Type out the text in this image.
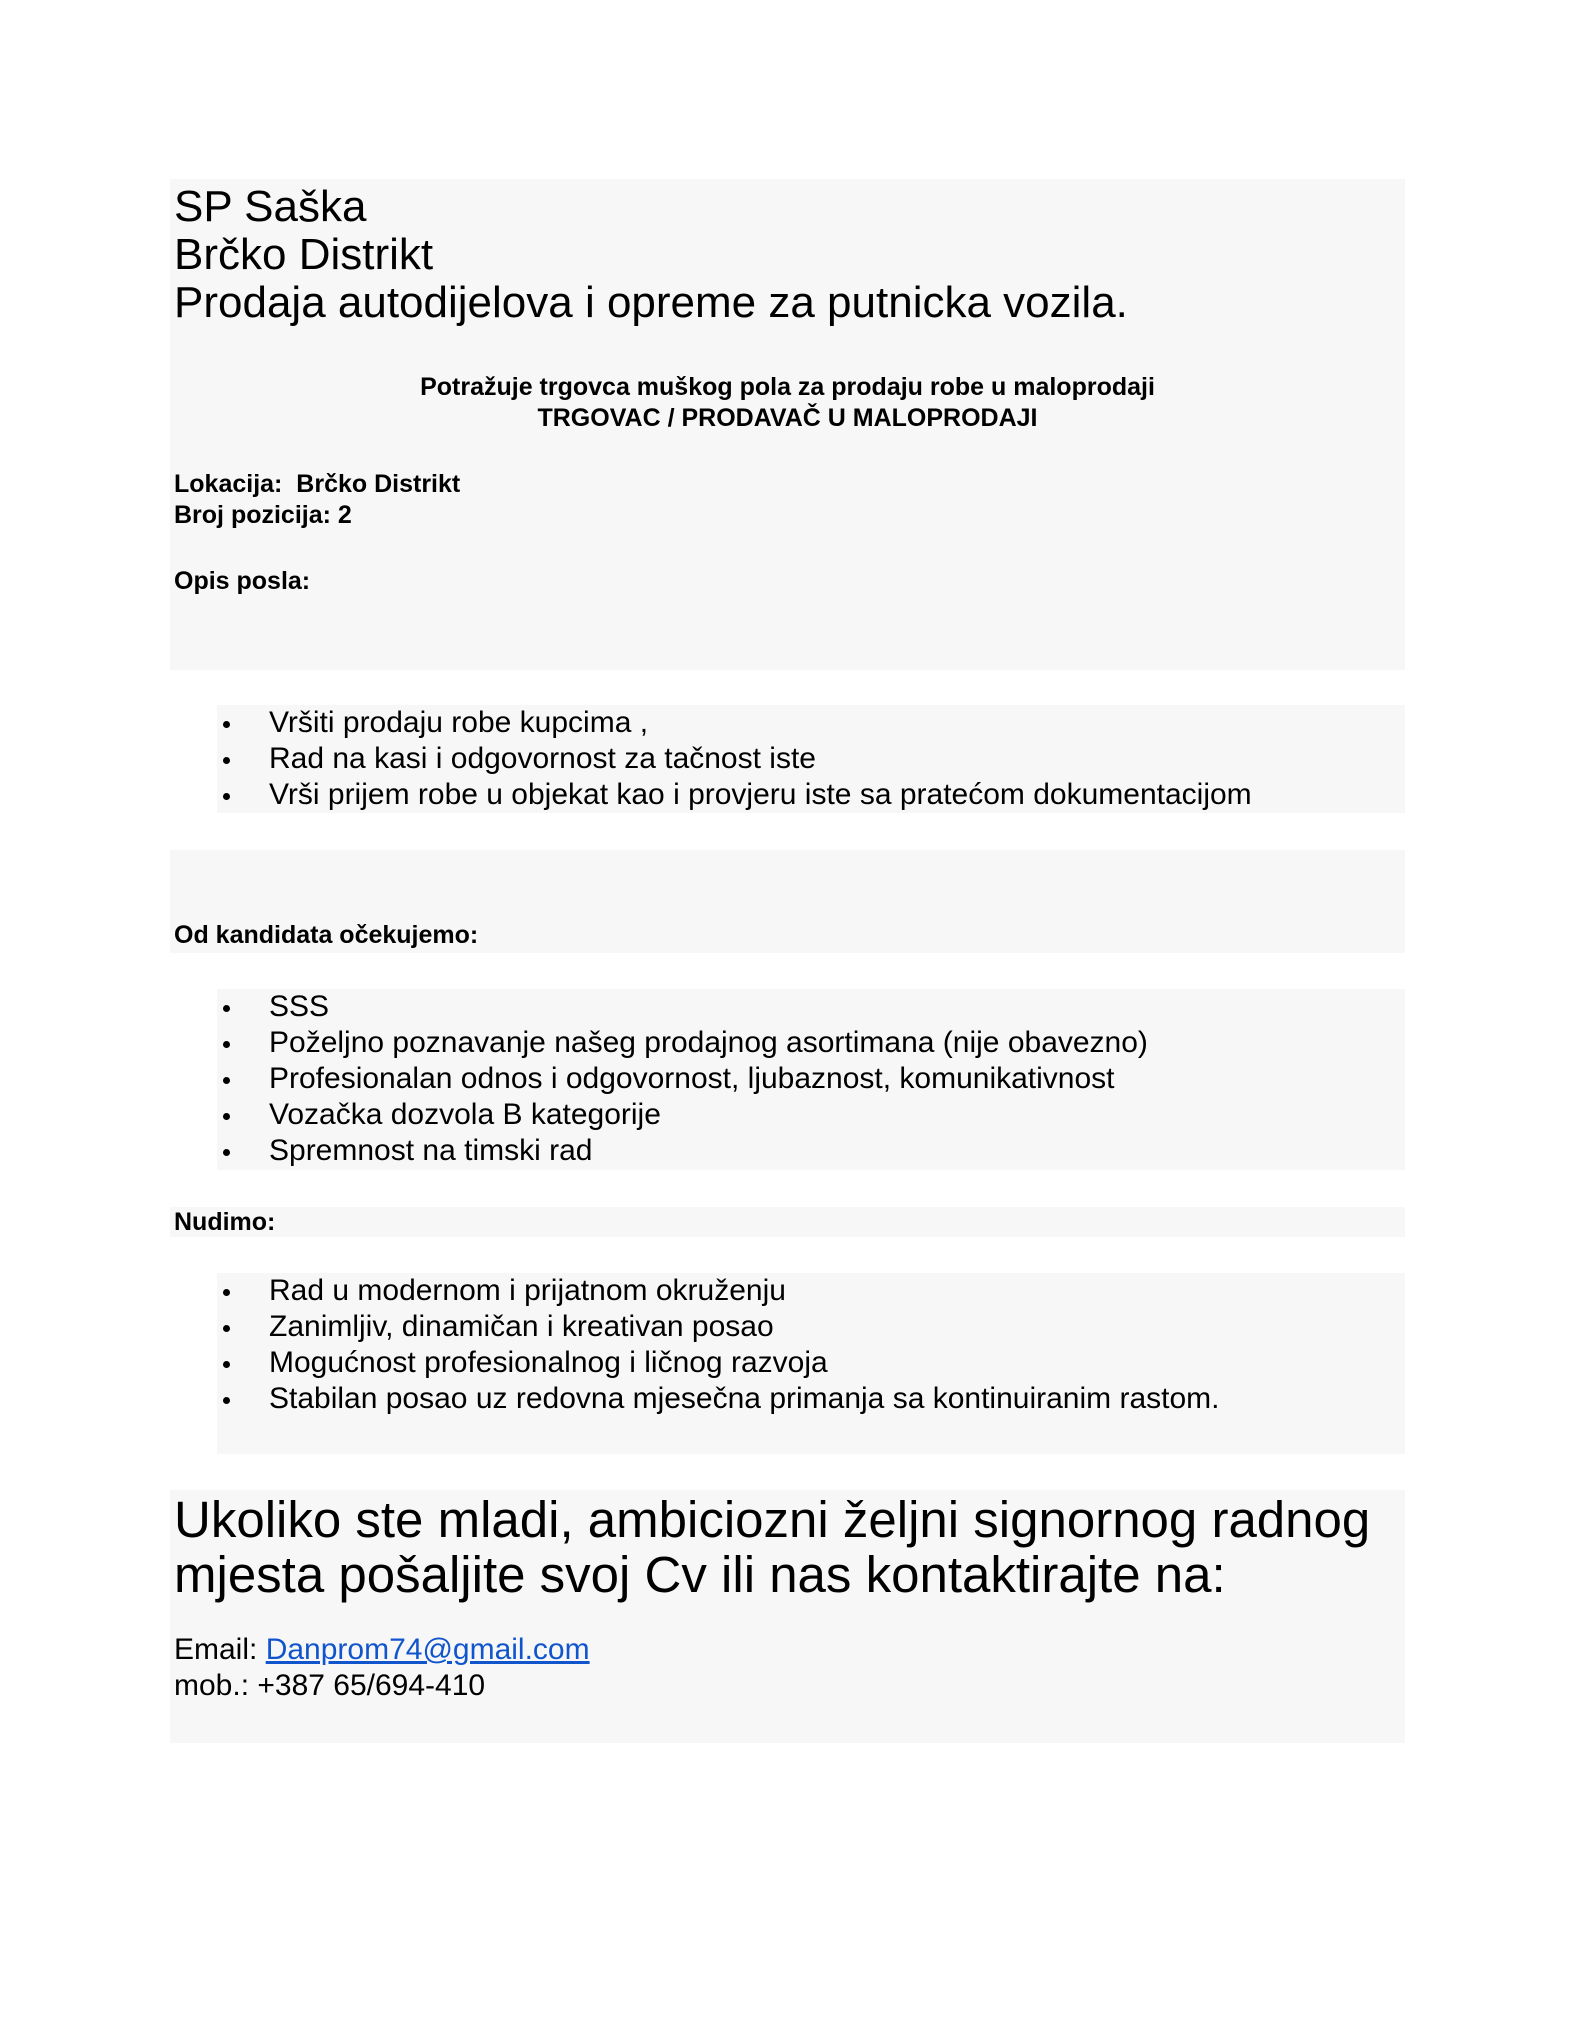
SP Saška

Brčko Distrikt

Prodaja autodijelova i opreme za putnicka vozila.

Potražuje trgovca muškog pola za prodaju robe u maloprodaji
TRGOVAC / PRODAVAČ U MALOPRODAJI
Lokacija: Brčko Distrikt
Broj pozicija: 2
Opis posla:
Vršiti prodaju robe kupcima ,
Rad na kasi i odgovornost za tačnost iste
Vrši prijem robe u objekat kao i provjeru iste sa pratećom dokumentacijom
Od kandidata očekujemo:
SSS
Poželjno poznavanje našeg prodajnog asortimana (nije obavezno)
Profesionalan odnos i odgovornost, ljubaznost, komunikativnost
Vozačka dozvola B kategorije
Spremnost na timski rad
Nudimo:
Rad u modernom i prijatnom okruženju
Zanimljiv, dinamičan i kreativan posao
Mogućnost profesionalnog i ličnog razvoja
Stabilan posao uz redovna mjesečna primanja sa kontinuiranim rastom.

Ukoliko ste mladi, ambiciozni željni signornog radnog

mjesta pošaljite svoj Cv ili nas kontaktirajte na:

Email: Danprom74@gmail.com
mob.: +387 65/694-410
